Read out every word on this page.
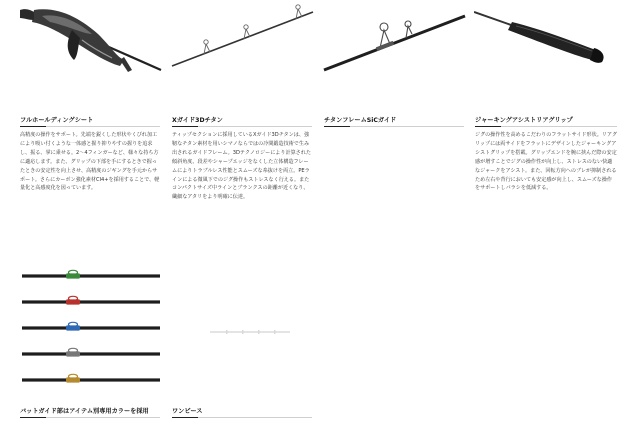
フルホールディングシート
高精度の操作をサポート。先端を鋭くした形状やくびれ加工により吸い付くような一体感と握り抑りやすの握りを追求し、振る、掌に乗せる。2～4フィンガーなど、様々な持ち方に適応します。また、グリップの下部を手にするときで握ったときの安定性を向上させ、高精度のジギングを手元からサポート。さらにカーボン強化素材CI4+を採用することで、軽量化と高感度化を図っています。
Xガイド3Dチタン
ティップセクションに採用しているXガイド3Dチタンは、強靭なチタン素材を用いシマノならではの冷間鍛造技術で生み出されるガイドフレーム。3Dテクノロジーにより計算された傾斜角度、段差やシャープエッジをなくした立体構造フレームによりトラブルレス性能とスムーズな糸抜けを両立。PEラインによる微風下でのジグ操作もストレスなく行える。またコンパクトサイズ中ラインとブランクスの距離が近くなり、繊細なアタリをより明確に伝達。
チタンフレームSiCガイド	ジャーキングアシストリアグリップ
ジグの操作性を高めるこだわりのフラットサイド形状。リアグリップには両サイドをフラットにデザインしたジャーキングアシストグリップを搭載。グリップエンドを腕に挟んだ際の安定感が増すことでジグの操作性が向上し、ストレスのない快適なジャークをアシスト。また、回転方向へのブレが抑制されるため左右や背行においても安定感が向上し、スムーズな操作をサポートしバラシを低減する。
バットガイド部はアイテム別専用カラーを採用	ワンピース
